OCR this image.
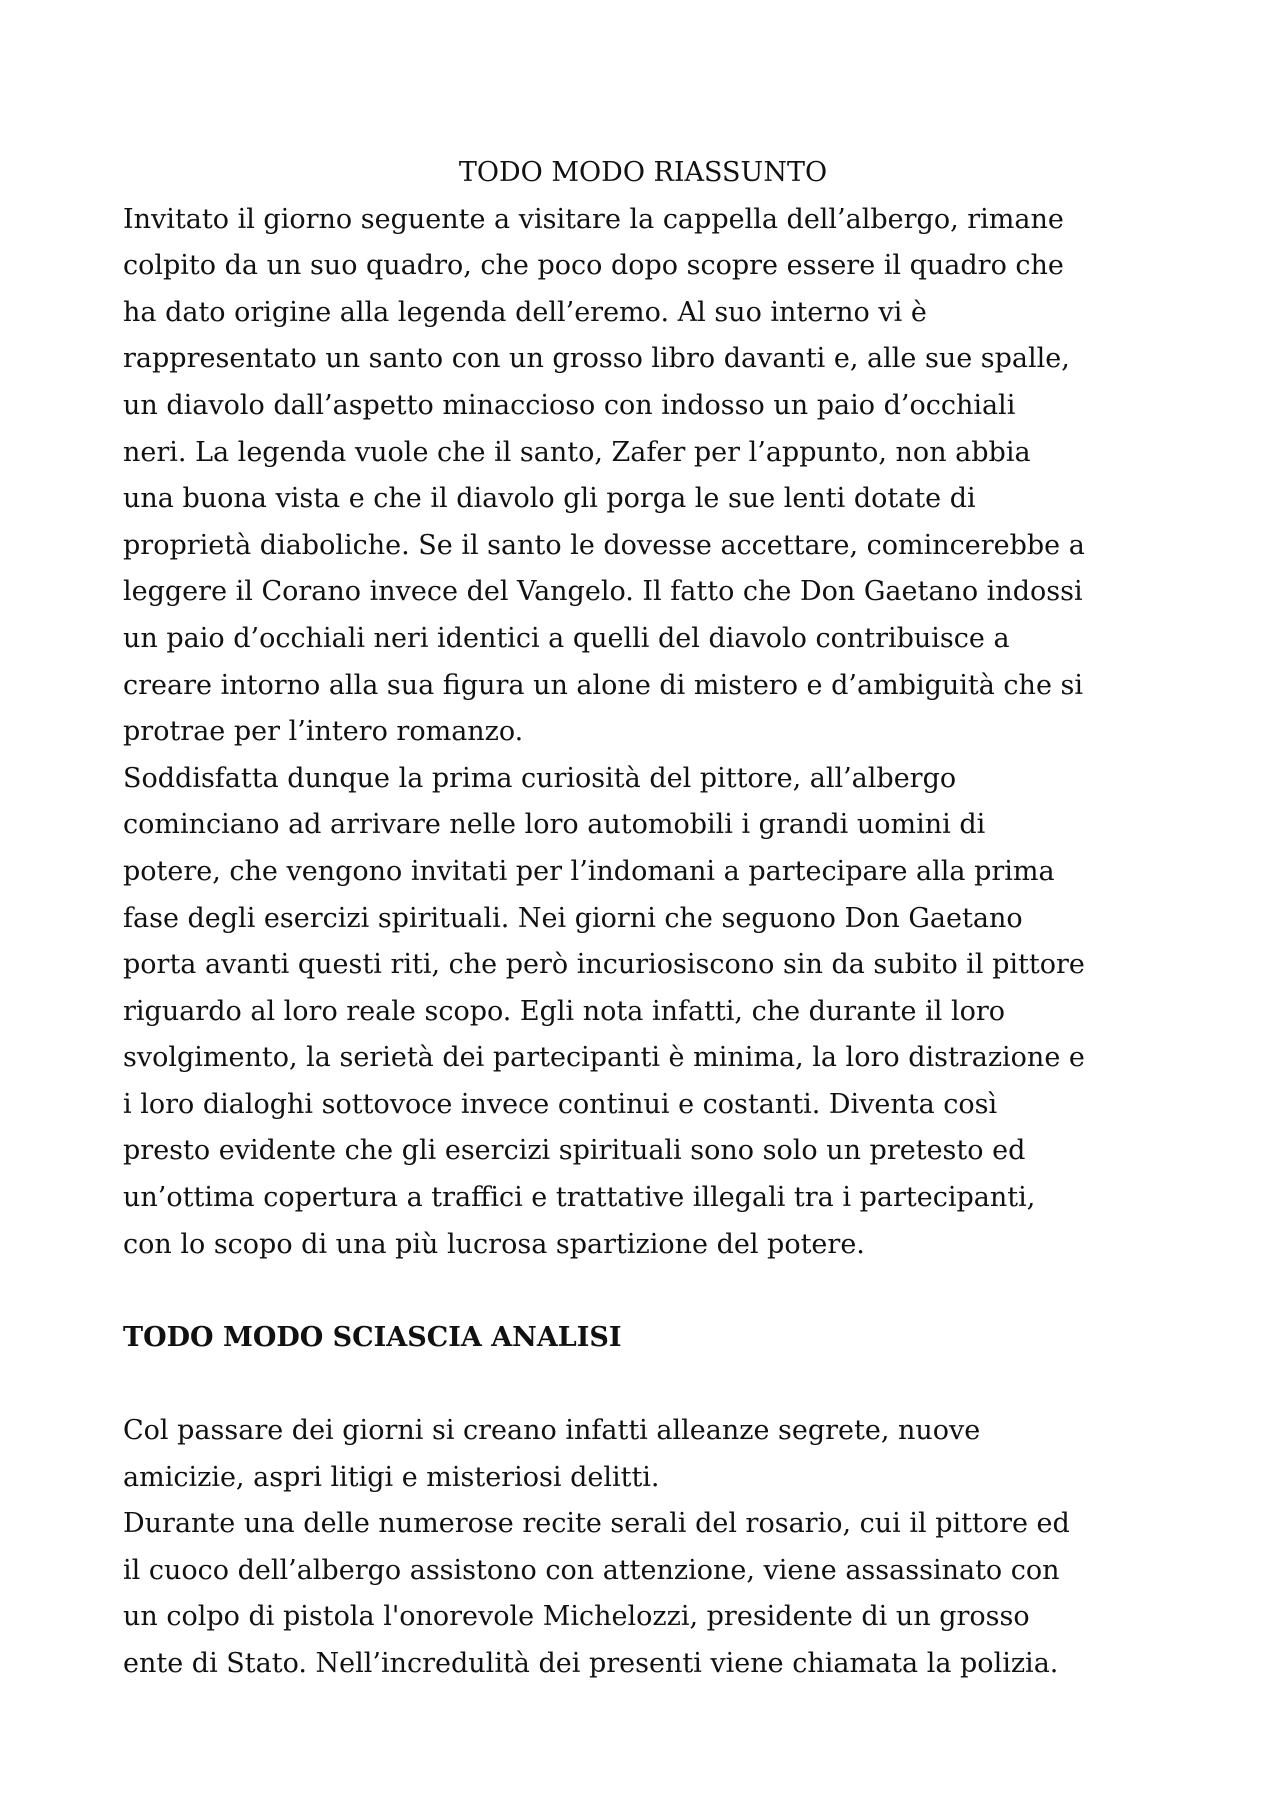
TODO MODO RIASSUNTO

Invitato il giorno seguente a visitare la cappella dell’albergo, rimane
colpito da un suo quadro, che poco dopo scopre essere il quadro che
ha dato origine alla legenda dell’eremo. Al suo interno vi è
rappresentato un santo con un grosso libro davanti e, alle sue spalle,
un diavolo dall’aspetto minaccioso con indosso un paio d’occhiali
neri. La legenda vuole che il santo, Zafer per l’appunto, non abbia
una buona vista e che il diavolo gli porga le sue lenti dotate di
proprietà diaboliche. Se il santo le dovesse accettare, comincerebbe a
leggere il Corano invece del Vangelo. Il fatto che Don Gaetano indossi
un paio d’occhiali neri identici a quelli del diavolo contribuisce a
creare intorno alla sua figura un alone di mistero e d’ambiguità che si
protrae per l’intero romanzo.

Soddisfatta dunque la prima curiosità del pittore, all’albergo
cominciano ad arrivare nelle loro automobili i grandi uomini di
potere, che vengono invitati per l’indomani a partecipare alla prima
fase degli esercizi spirituali. Nei giorni che seguono Don Gaetano
porta avanti questi riti, che però incuriosiscono sin da subito il pittore
riguardo al loro reale scopo. Egli nota infatti, che durante il loro
svolgimento, la serietà dei partecipanti è minima, la loro distrazione e
i loro dialoghi sottovoce invece continui e costanti. Diventa così
presto evidente che gli esercizi spirituali sono solo un pretesto ed
un’ottima copertura a traffici e trattative illegali tra i partecipanti,
con lo scopo di una più lucrosa spartizione del potere.

TODO MODO SCIASCIA ANALISI

Col passare dei giorni si creano infatti alleanze segrete, nuove
amicizie, aspri litigi e misteriosi delitti.

Durante una delle numerose recite serali del rosario, cui il pittore ed
il cuoco dell’albergo assistono con attenzione, viene assassinato con
un colpo di pistola l'onorevole Michelozzi, presidente di un grosso
ente di Stato. Nell’incredulità dei presenti viene chiamata la polizia.
